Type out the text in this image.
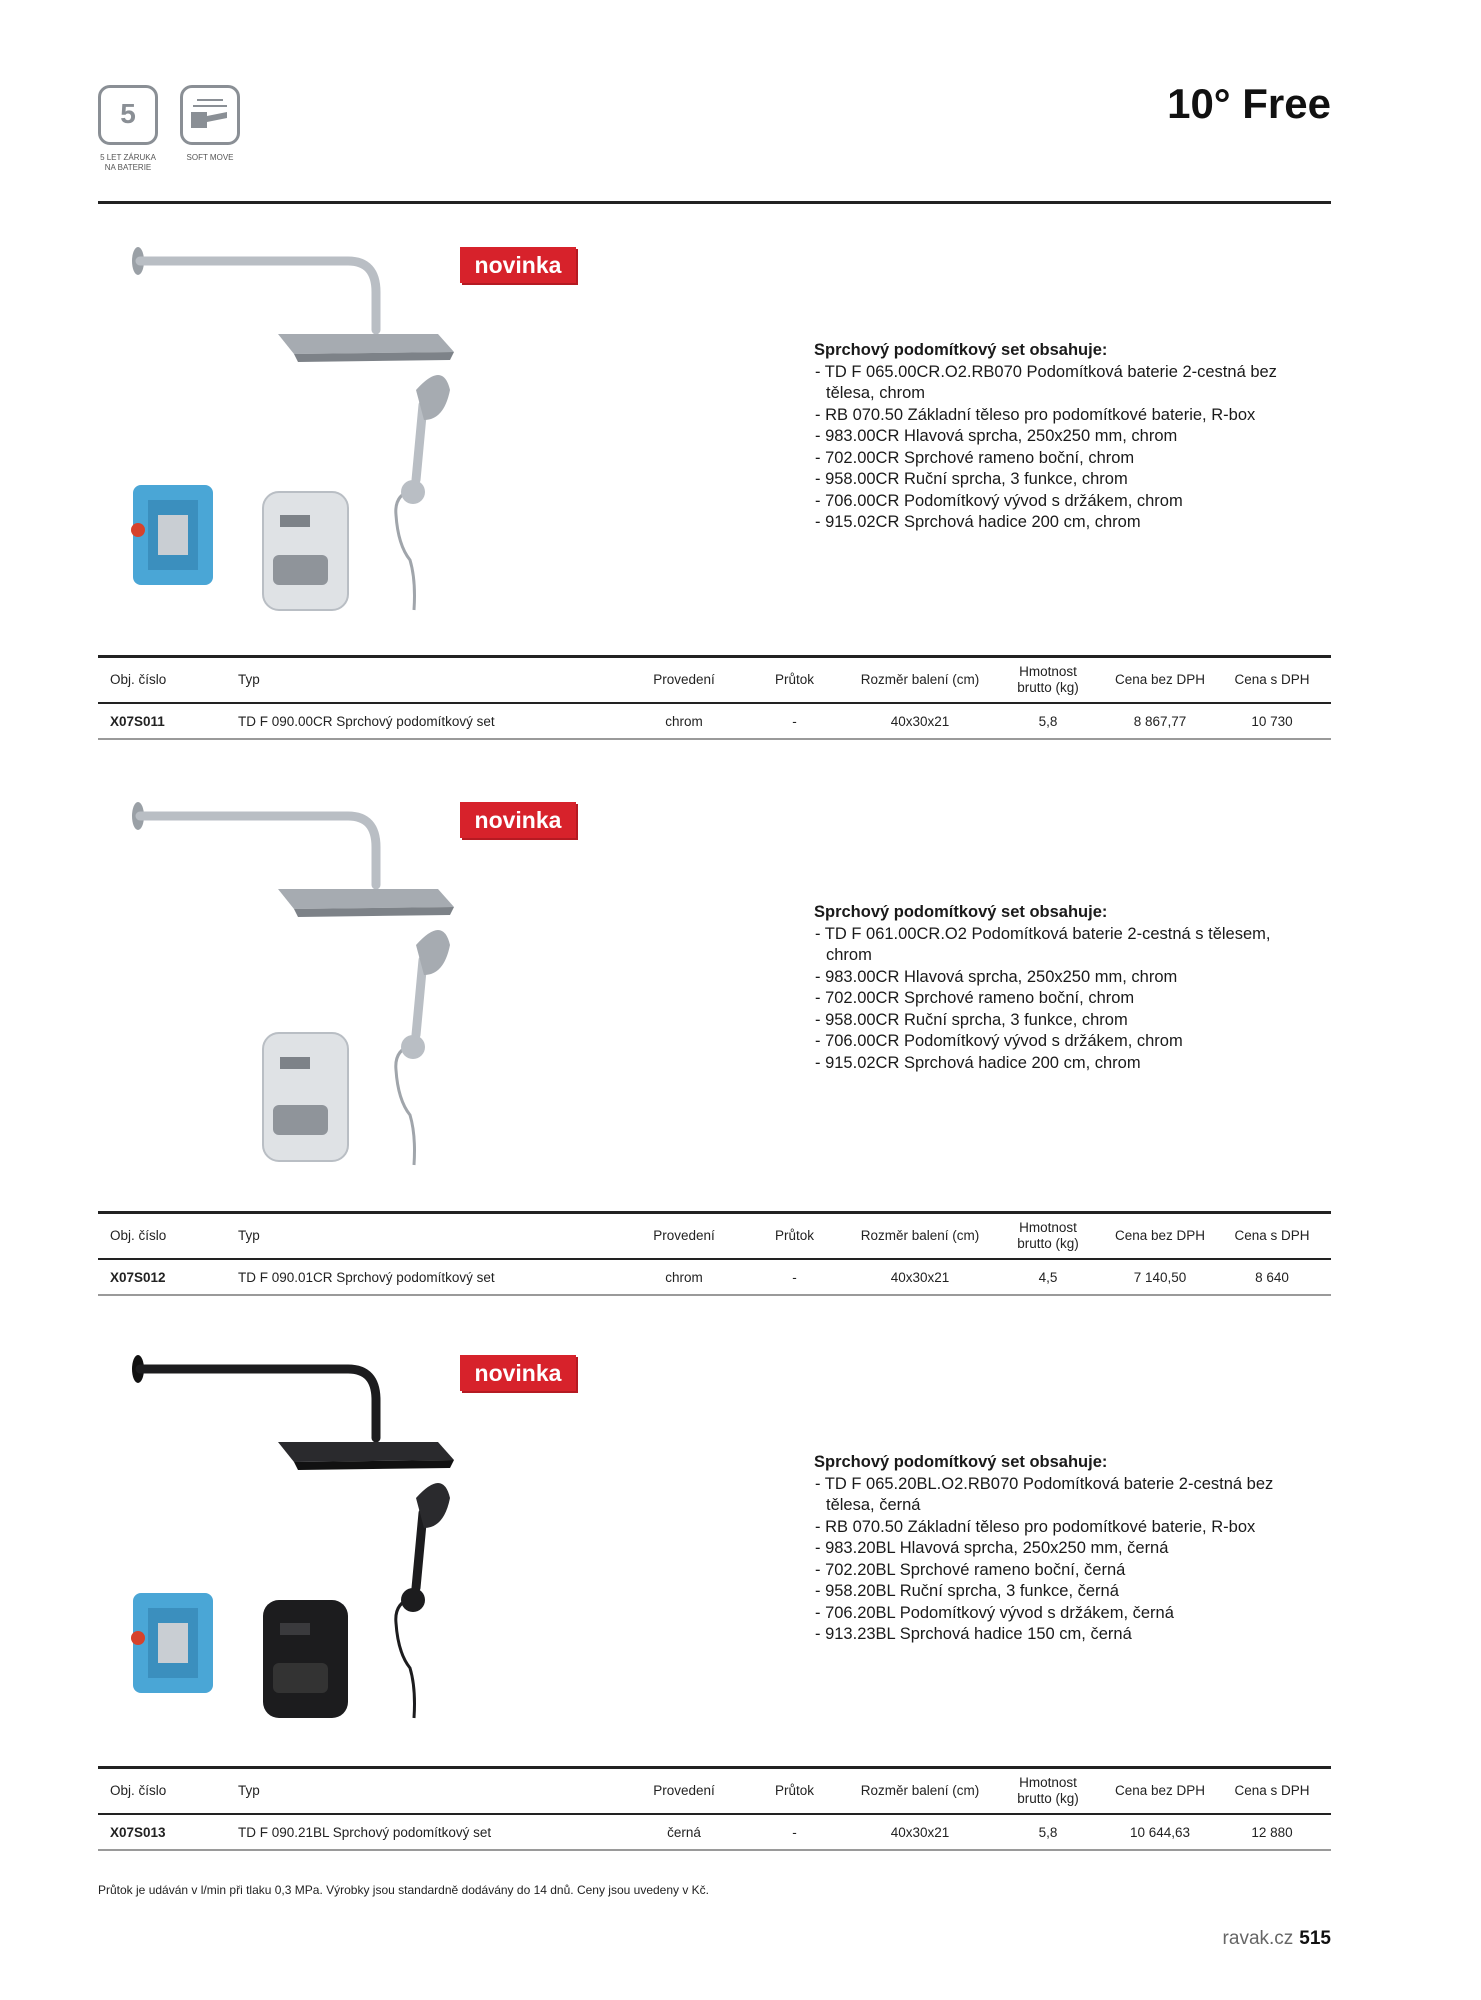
5
5 LET ZÁRUKA
NA BATERIE
SOFT MOVE
10° Free
novinka
Sprchový podomítkový set obsahuje:
- TD F 065.00CR.O2.RB070 Podomítková baterie 2-cestná bez tělesa, chrom
- RB 070.50 Základní těleso pro podomítkové baterie, R-box
- 983.00CR Hlavová sprcha, 250x250 mm, chrom
- 702.00CR Sprchové rameno boční, chrom
- 958.00CR Ruční sprcha, 3 funkce, chrom
- 706.00CR Podomítkový vývod s držákem, chrom
- 915.02CR Sprchová hadice 200 cm, chrom
Obj. číslo	Typ	Provedení	Průtok	Rozměr balení (cm)	Hmotnost
brutto (kg)	Cena bez DPH	Cena s DPH
X07S011	TD F 090.00CR Sprchový podomítkový set	chrom	-	40x30x21	5,8	8 867,77	10 730
novinka
Sprchový podomítkový set obsahuje:
- TD F 061.00CR.O2 Podomítková baterie 2-cestná s tělesem, chrom
- 983.00CR Hlavová sprcha, 250x250 mm, chrom
- 702.00CR Sprchové rameno boční, chrom
- 958.00CR Ruční sprcha, 3 funkce, chrom
- 706.00CR Podomítkový vývod s držákem, chrom
- 915.02CR Sprchová hadice 200 cm, chrom
Obj. číslo	Typ	Provedení	Průtok	Rozměr balení (cm)	Hmotnost
brutto (kg)	Cena bez DPH	Cena s DPH
X07S012	TD F 090.01CR Sprchový podomítkový set	chrom	-	40x30x21	4,5	7 140,50	8 640
novinka
Sprchový podomítkový set obsahuje:
- TD F 065.20BL.O2.RB070 Podomítková baterie 2-cestná bez tělesa, černá
- RB 070.50 Základní těleso pro podomítkové baterie, R-box
- 983.20BL Hlavová sprcha, 250x250 mm, černá
- 702.20BL Sprchové rameno boční, černá
- 958.20BL Ruční sprcha, 3 funkce, černá
- 706.20BL Podomítkový vývod s držákem, černá
- 913.23BL Sprchová hadice 150 cm, černá
Obj. číslo	Typ	Provedení	Průtok	Rozměr balení (cm)	Hmotnost
brutto (kg)	Cena bez DPH	Cena s DPH
X07S013	TD F 090.21BL Sprchový podomítkový set	černá	-	40x30x21	5,8	10 644,63	12 880
Průtok je udáván v l/min při tlaku 0,3 MPa. Výrobky jsou standardně dodávány do 14 dnů. Ceny jsou uvedeny v Kč.
ravak.cz 515
